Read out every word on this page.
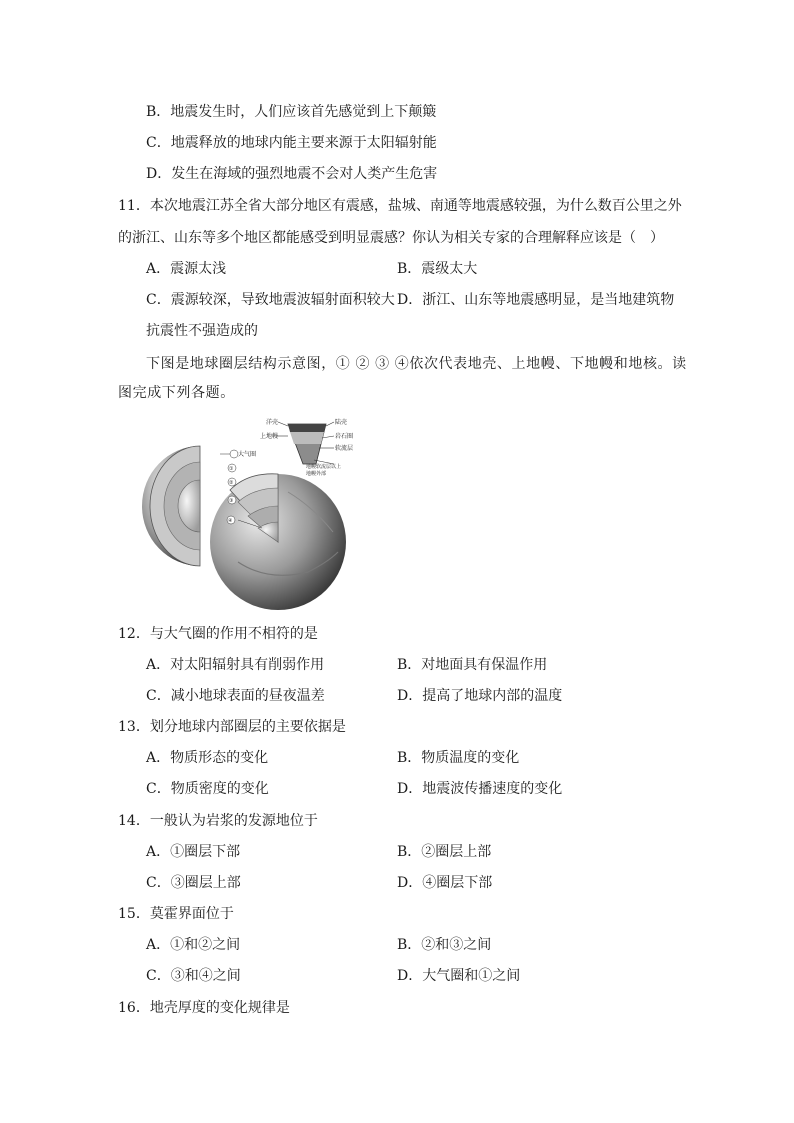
B．地震发生时，人们应该首先感觉到上下颠簸
C．地震释放的地球内能主要来源于太阳辐射能
D．发生在海域的强烈地震不会对人类产生危害
11．本次地震江苏全省大部分地区有震感，盐城、南通等地震感较强，为什么数百公里之外
的浙江、山东等多个地区都能感受到明显震感？你认为相关专家的合理解释应该是（　）
A．震源太浅	B．震级太大
C．震源较深，导致地震波辐射面积较大 D．浙江、山东等地震感明显，是当地建筑物
抗震性不强造成的
下图是地球圈层结构示意图，① ② ③ ④依次代表地壳、上地幔、下地幔和地核。读
图完成下列各题。
大气圈
①
②
③
④
洋壳	陆壳
岩石圈
软流层
上地幔
地幔软流层以上
地幔外部
12．与大气圈的作用不相符的是
A．对太阳辐射具有削弱作用	B．对地面具有保温作用
C．减小地球表面的昼夜温差	D．提高了地球内部的温度
13．划分地球内部圈层的主要依据是
A．物质形态的变化	B．物质温度的变化
C．物质密度的变化	D．地震波传播速度的变化
14．一般认为岩浆的发源地位于
A．①圈层下部	B．②圈层上部
C．③圈层上部	D．④圈层下部
15．莫霍界面位于
A．①和②之间	B．②和③之间
C．③和④之间	D．大气圈和①之间
16．地壳厚度的变化规律是
